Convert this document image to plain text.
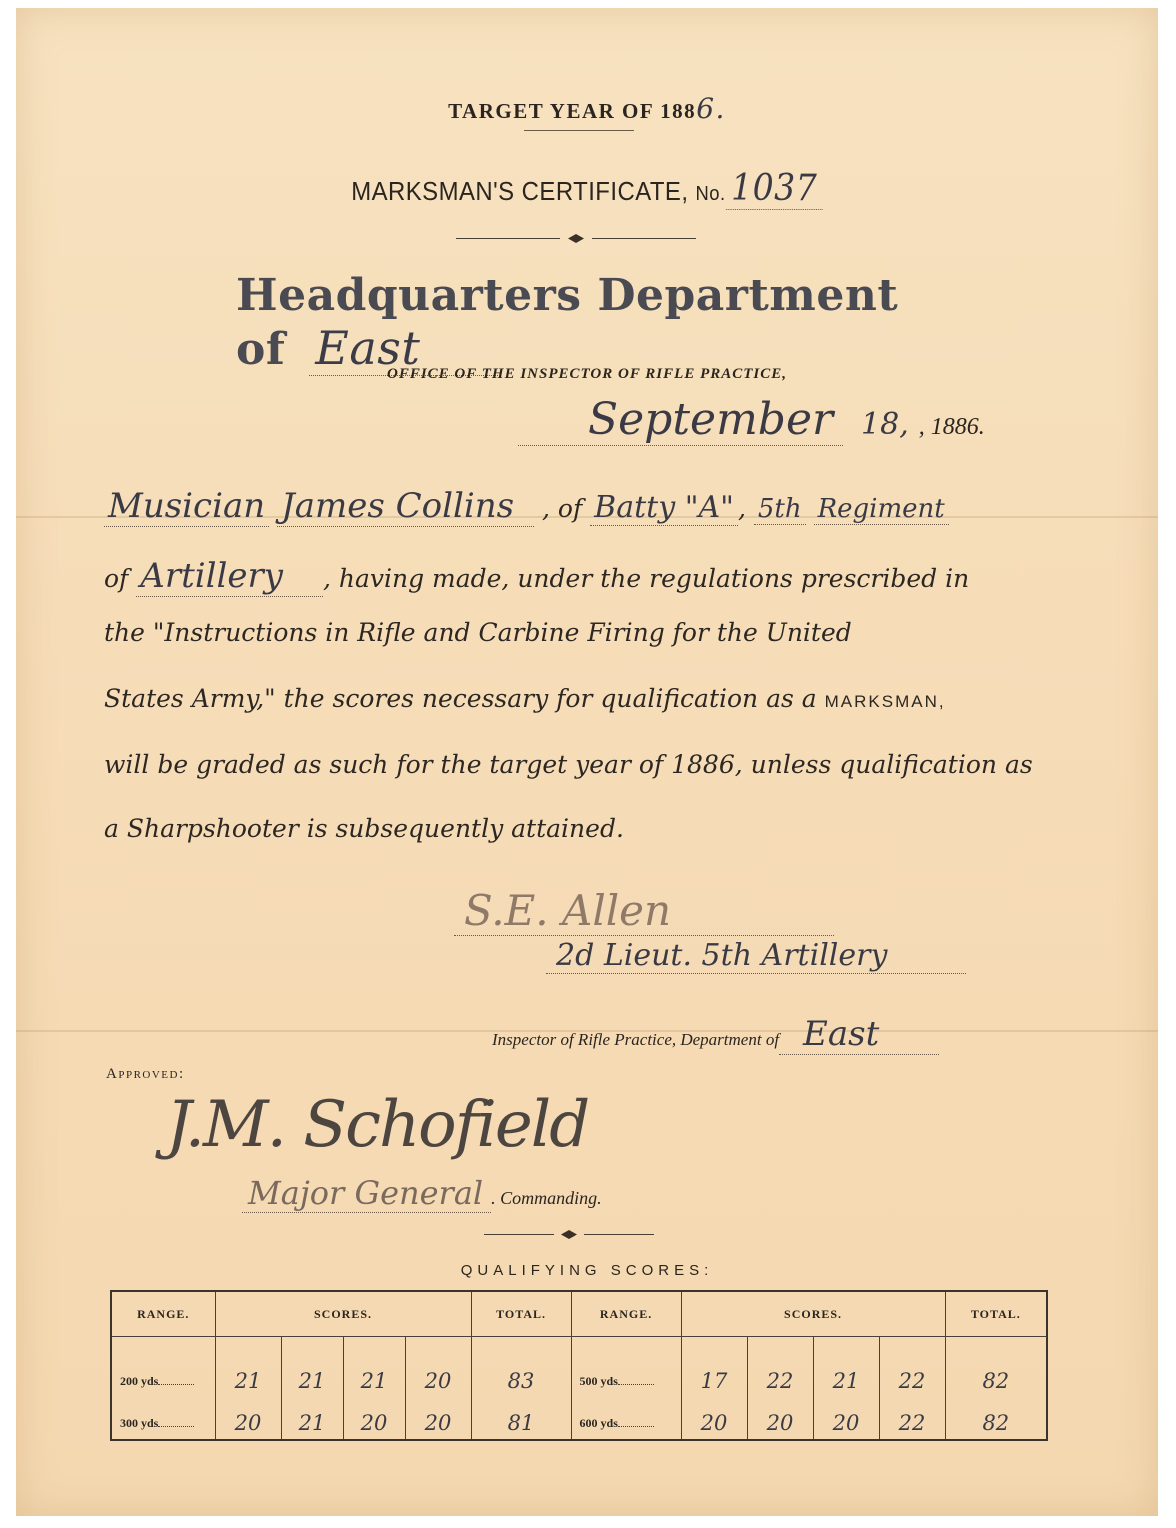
TARGET YEAR OF 1886.
MARKSMAN'S CERTIFICATE, No. 1037
Headquarters Department of East
OFFICE OF THE INSPECTOR OF RIFLE PRACTICE,
September 18, , 1886.
Musician James Collins , of Batty "A" , 5th Regiment
of Artillery , having made, under the regulations prescribed in
the "Instructions in Rifle and Carbine Firing for the United
States Army," the scores necessary for qualification as a MARKSMAN,
will be graded as such for the target year of 1886, unless qualification as
a Sharpshooter is subsequently attained.
S.E. Allen
2d Lieut. 5th Artillery
Inspector of Rifle Practice, Department of East
Approved:
J.M. Schofield
Major General . Commanding.
QUALIFYING SCORES:
RANGE.	SCORES.				TOTAL.	RANGE.	SCORES.				TOTAL.
200 yds	21	21	21	20	83	500 yds	17	22	21	22	82
300 yds	20	21	20	20	81	600 yds	20	20	20	22	82
